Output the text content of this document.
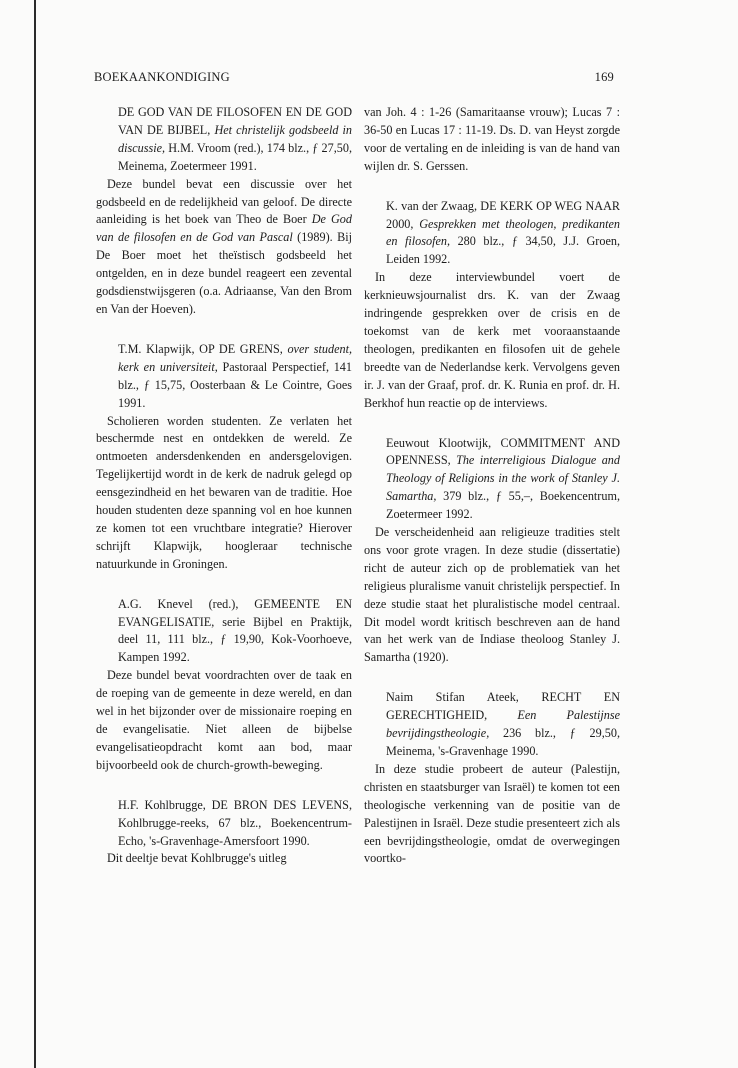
BOEKAANKONDIGING	169

DE GOD VAN DE FILOSOFEN EN DE GOD VAN DE BIJBEL, Het christelijk godsbeeld in discussie, H.M. Vroom (red.), 174 blz., ƒ 27,50, Meinema, Zoetermeer 1991.

Deze bundel bevat een discussie over het godsbeeld en de redelijkheid van geloof. De directe aanleiding is het boek van Theo de Boer De God van de filosofen en de God van Pascal (1989). Bij De Boer moet het theïstisch godsbeeld het ontgelden, en in deze bundel reageert een zevental godsdienstwijsgeren (o.a. Adriaanse, Van den Brom en Van der Hoeven).

T.M. Klapwijk, OP DE GRENS, over student, kerk en universiteit, Pastoraal Perspectief, 141 blz., ƒ 15,75, Oosterbaan & Le Cointre, Goes 1991.

Scholieren worden studenten. Ze verlaten het beschermde nest en ontdekken de wereld. Ze ontmoeten andersdenkenden en andersgelovigen. Tegelijkertijd wordt in de kerk de nadruk gelegd op eensgezindheid en het bewaren van de traditie. Hoe houden studenten deze spanning vol en hoe kunnen ze komen tot een vruchtbare integratie? Hierover schrijft Klapwijk, hoogleraar technische natuurkunde in Groningen.

A.G. Knevel (red.), GEMEENTE EN EVANGELISATIE, serie Bijbel en Praktijk, deel 11, 111 blz., ƒ 19,90, Kok-Voorhoeve, Kampen 1992.

Deze bundel bevat voordrachten over de taak en de roeping van de gemeente in deze wereld, en dan wel in het bijzonder over de missionaire roeping en de evangelisatie. Niet alleen de bijbelse evangelisatieopdracht komt aan bod, maar bijvoorbeeld ook de church-growth-beweging.

H.F. Kohlbrugge, DE BRON DES LEVENS, Kohlbrugge-reeks, 67 blz., Boekencentrum-Echo, 's-Gravenhage-Amersfoort 1990.

Dit deeltje bevat Kohlbrugge's uitleg

van Joh. 4 : 1-26 (Samaritaanse vrouw); Lucas 7 : 36-50 en Lucas 17 : 11-19. Ds. D. van Heyst zorgde voor de vertaling en de inleiding is van de hand van wijlen dr. S. Gerssen.

K. van der Zwaag, DE KERK OP WEG NAAR 2000, Gesprekken met theologen, predikanten en filosofen, 280 blz., ƒ 34,50, J.J. Groen, Leiden 1992.

In deze interviewbundel voert de kerknieuwsjournalist drs. K. van der Zwaag indringende gesprekken over de crisis en de toekomst van de kerk met vooraanstaande theologen, predikanten en filosofen uit de gehele breedte van de Nederlandse kerk. Vervolgens geven ir. J. van der Graaf, prof. dr. K. Runia en prof. dr. H. Berkhof hun reactie op de interviews.

Eeuwout Klootwijk, COMMITMENT AND OPENNESS, The interreligious Dialogue and Theology of Religions in the work of Stanley J. Samartha, 379 blz., ƒ 55,–, Boekencentrum, Zoetermeer 1992.

De verscheidenheid aan religieuze tradities stelt ons voor grote vragen. In deze studie (dissertatie) richt de auteur zich op de problematiek van het religieus pluralisme vanuit christelijk perspectief. In deze studie staat het pluralistische model centraal. Dit model wordt kritisch beschreven aan de hand van het werk van de Indiase theoloog Stanley J. Samartha (1920).

Naim Stifan Ateek, RECHT EN GERECHTIGHEID, Een Palestijnse bevrijdingstheologie, 236 blz., ƒ 29,50, Meinema, 's-Gravenhage 1990.

In deze studie probeert de auteur (Palestijn, christen en staatsburger van Israël) te komen tot een theologische verkenning van de positie van de Palestijnen in Israël. Deze studie presenteert zich als een bevrijdingstheologie, omdat de overwegingen voortko-
